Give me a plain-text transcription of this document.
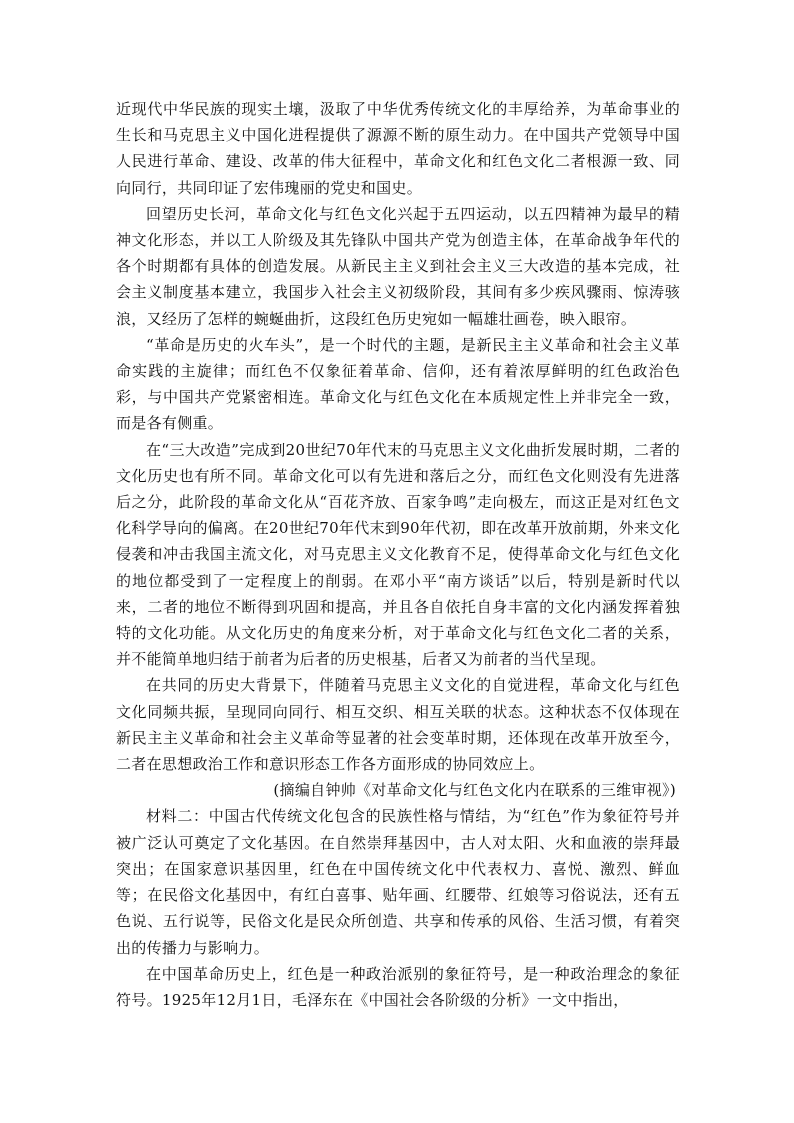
近现代中华民族的现实土壤，汲取了中华优秀传统文化的丰厚给养，为革命事业的生长和马克思主义中国化进程提供了源源不断的原生动力。在中国共产党领导中国人民进行革命、建设、改革的伟大征程中，革命文化和红色文化二者根源一致、同向同行，共同印证了宏伟瑰丽的党史和国史。

回望历史长河，革命文化与红色文化兴起于五四运动，以五四精神为最早的精神文化形态，并以工人阶级及其先锋队中国共产党为创造主体，在革命战争年代的各个时期都有具体的创造发展。从新民主主义到社会主义三大改造的基本完成，社会主义制度基本建立，我国步入社会主义初级阶段，其间有多少疾风骤雨、惊涛骇浪，又经历了怎样的蜿蜒曲折，这段红色历史宛如一幅雄壮画卷，映入眼帘。

“革命是历史的火车头”，是一个时代的主题，是新民主主义革命和社会主义革命实践的主旋律；而红色不仅象征着革命、信仰，还有着浓厚鲜明的红色政治色彩，与中国共产党紧密相连。革命文化与红色文化在本质规定性上并非完全一致，而是各有侧重。

在“三大改造”完成到20世纪70年代末的马克思主义文化曲折发展时期，二者的文化历史也有所不同。革命文化可以有先进和落后之分，而红色文化则没有先进落后之分，此阶段的革命文化从“百花齐放、百家争鸣”走向极左，而这正是对红色文化科学导向的偏离。在20世纪70年代末到90年代初，即在改革开放前期，外来文化侵袭和冲击我国主流文化，对马克思主义文化教育不足，使得革命文化与红色文化的地位都受到了一定程度上的削弱。在邓小平“南方谈话”以后，特别是新时代以来，二者的地位不断得到巩固和提高，并且各自依托自身丰富的文化内涵发挥着独特的文化功能。从文化历史的角度来分析，对于革命文化与红色文化二者的关系，并不能简单地归结于前者为后者的历史根基，后者又为前者的当代呈现。

在共同的历史大背景下，伴随着马克思主义文化的自觉进程，革命文化与红色文化同频共振，呈现同向同行、相互交织、相互关联的状态。这种状态不仅体现在新民主主义革命和社会主义革命等显著的社会变革时期，还体现在改革开放至今，二者在思想政治工作和意识形态工作各方面形成的协同效应上。

(摘编自钟帅《对革命文化与红色文化内在联系的三维审视》)

材料二：中国古代传统文化包含的民族性格与情结，为“红色”作为象征符号并被广泛认可奠定了文化基因。在自然崇拜基因中，古人对太阳、火和血液的崇拜最突出；在国家意识基因里，红色在中国传统文化中代表权力、喜悦、激烈、鲜血等；在民俗文化基因中，有红白喜事、贴年画、红腰带、红娘等习俗说法，还有五色说、五行说等，民俗文化是民众所创造、共享和传承的风俗、生活习惯，有着突出的传播力与影响力。

在中国革命历史上，红色是一种政治派别的象征符号，是一种政治理念的象征符号。1925年12月1日，毛泽东在《中国社会各阶级的分析》一文中指出，
